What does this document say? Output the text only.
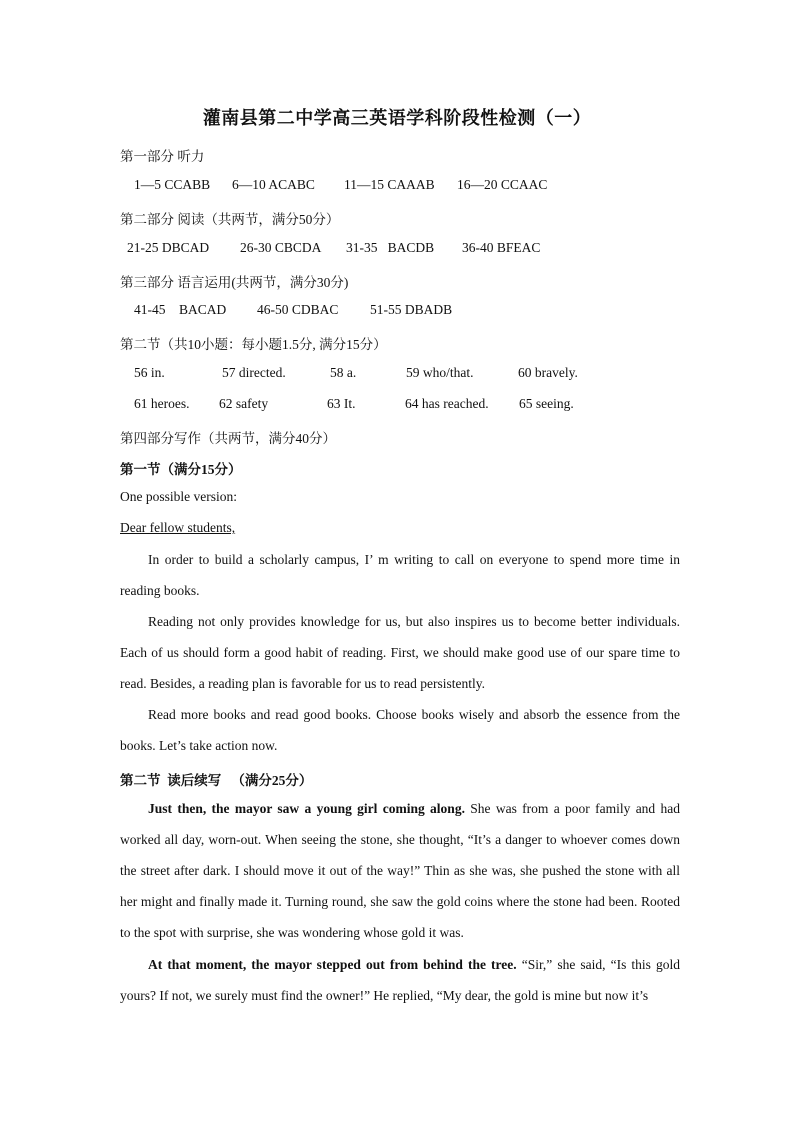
灌南县第二中学高三英语学科阶段性检测（一）
第一部分 听力
1—5 CCABB 6—10 ACABC 11—15 CAAAB 16—20 CCAAC
第二部分 阅读（共两节，满分50分）
21-25 DBCAD 26-30 CBCDA 31-35   BACDB 36-40 BFEAC
第三部分 语言运用(共两节，满分30分)
41-45    BACAD 46-50 CDBAC 51-55 DBADB
第二节（共10小题：每小题1.5分, 满分15分）
56 in.	57 directed.	58 a.	59 who/that.	60 bravely.
61 heroes. 62 safety	63 It.	64 has reached. 65 seeing.
第四部分写作（共两节，满分40分）
第一节（满分15分）
One possible version:
Dear fellow students,
In order to build a scholarly campus, I’ m writing to call on everyone to spend more time in reading books.
Reading not only provides knowledge for us, but also inspires us to become better individuals. Each of us should form a good habit of reading. First, we should make good use of our spare time to read. Besides, a reading plan is favorable for us to read persistently.
Read more books and read good books. Choose books wisely and absorb the essence from the books. Let’s take action now.
第二节  读后续写   （满分25分）
Just then, the mayor saw a young girl coming along. She was from a poor family and had worked all day, worn-out. When seeing the stone, she thought, “It’s a danger to whoever comes down the street after dark. I should move it out of the way!” Thin as she was, she pushed the stone with all her might and finally made it. Turning round, she saw the gold coins where the stone had been. Rooted to the spot with surprise, she was wondering whose gold it was.
At that moment, the mayor stepped out from behind the tree. “Sir,” she said, “Is this gold yours? If not, we surely must find the owner!” He replied, “My dear, the gold is mine but now it’s
